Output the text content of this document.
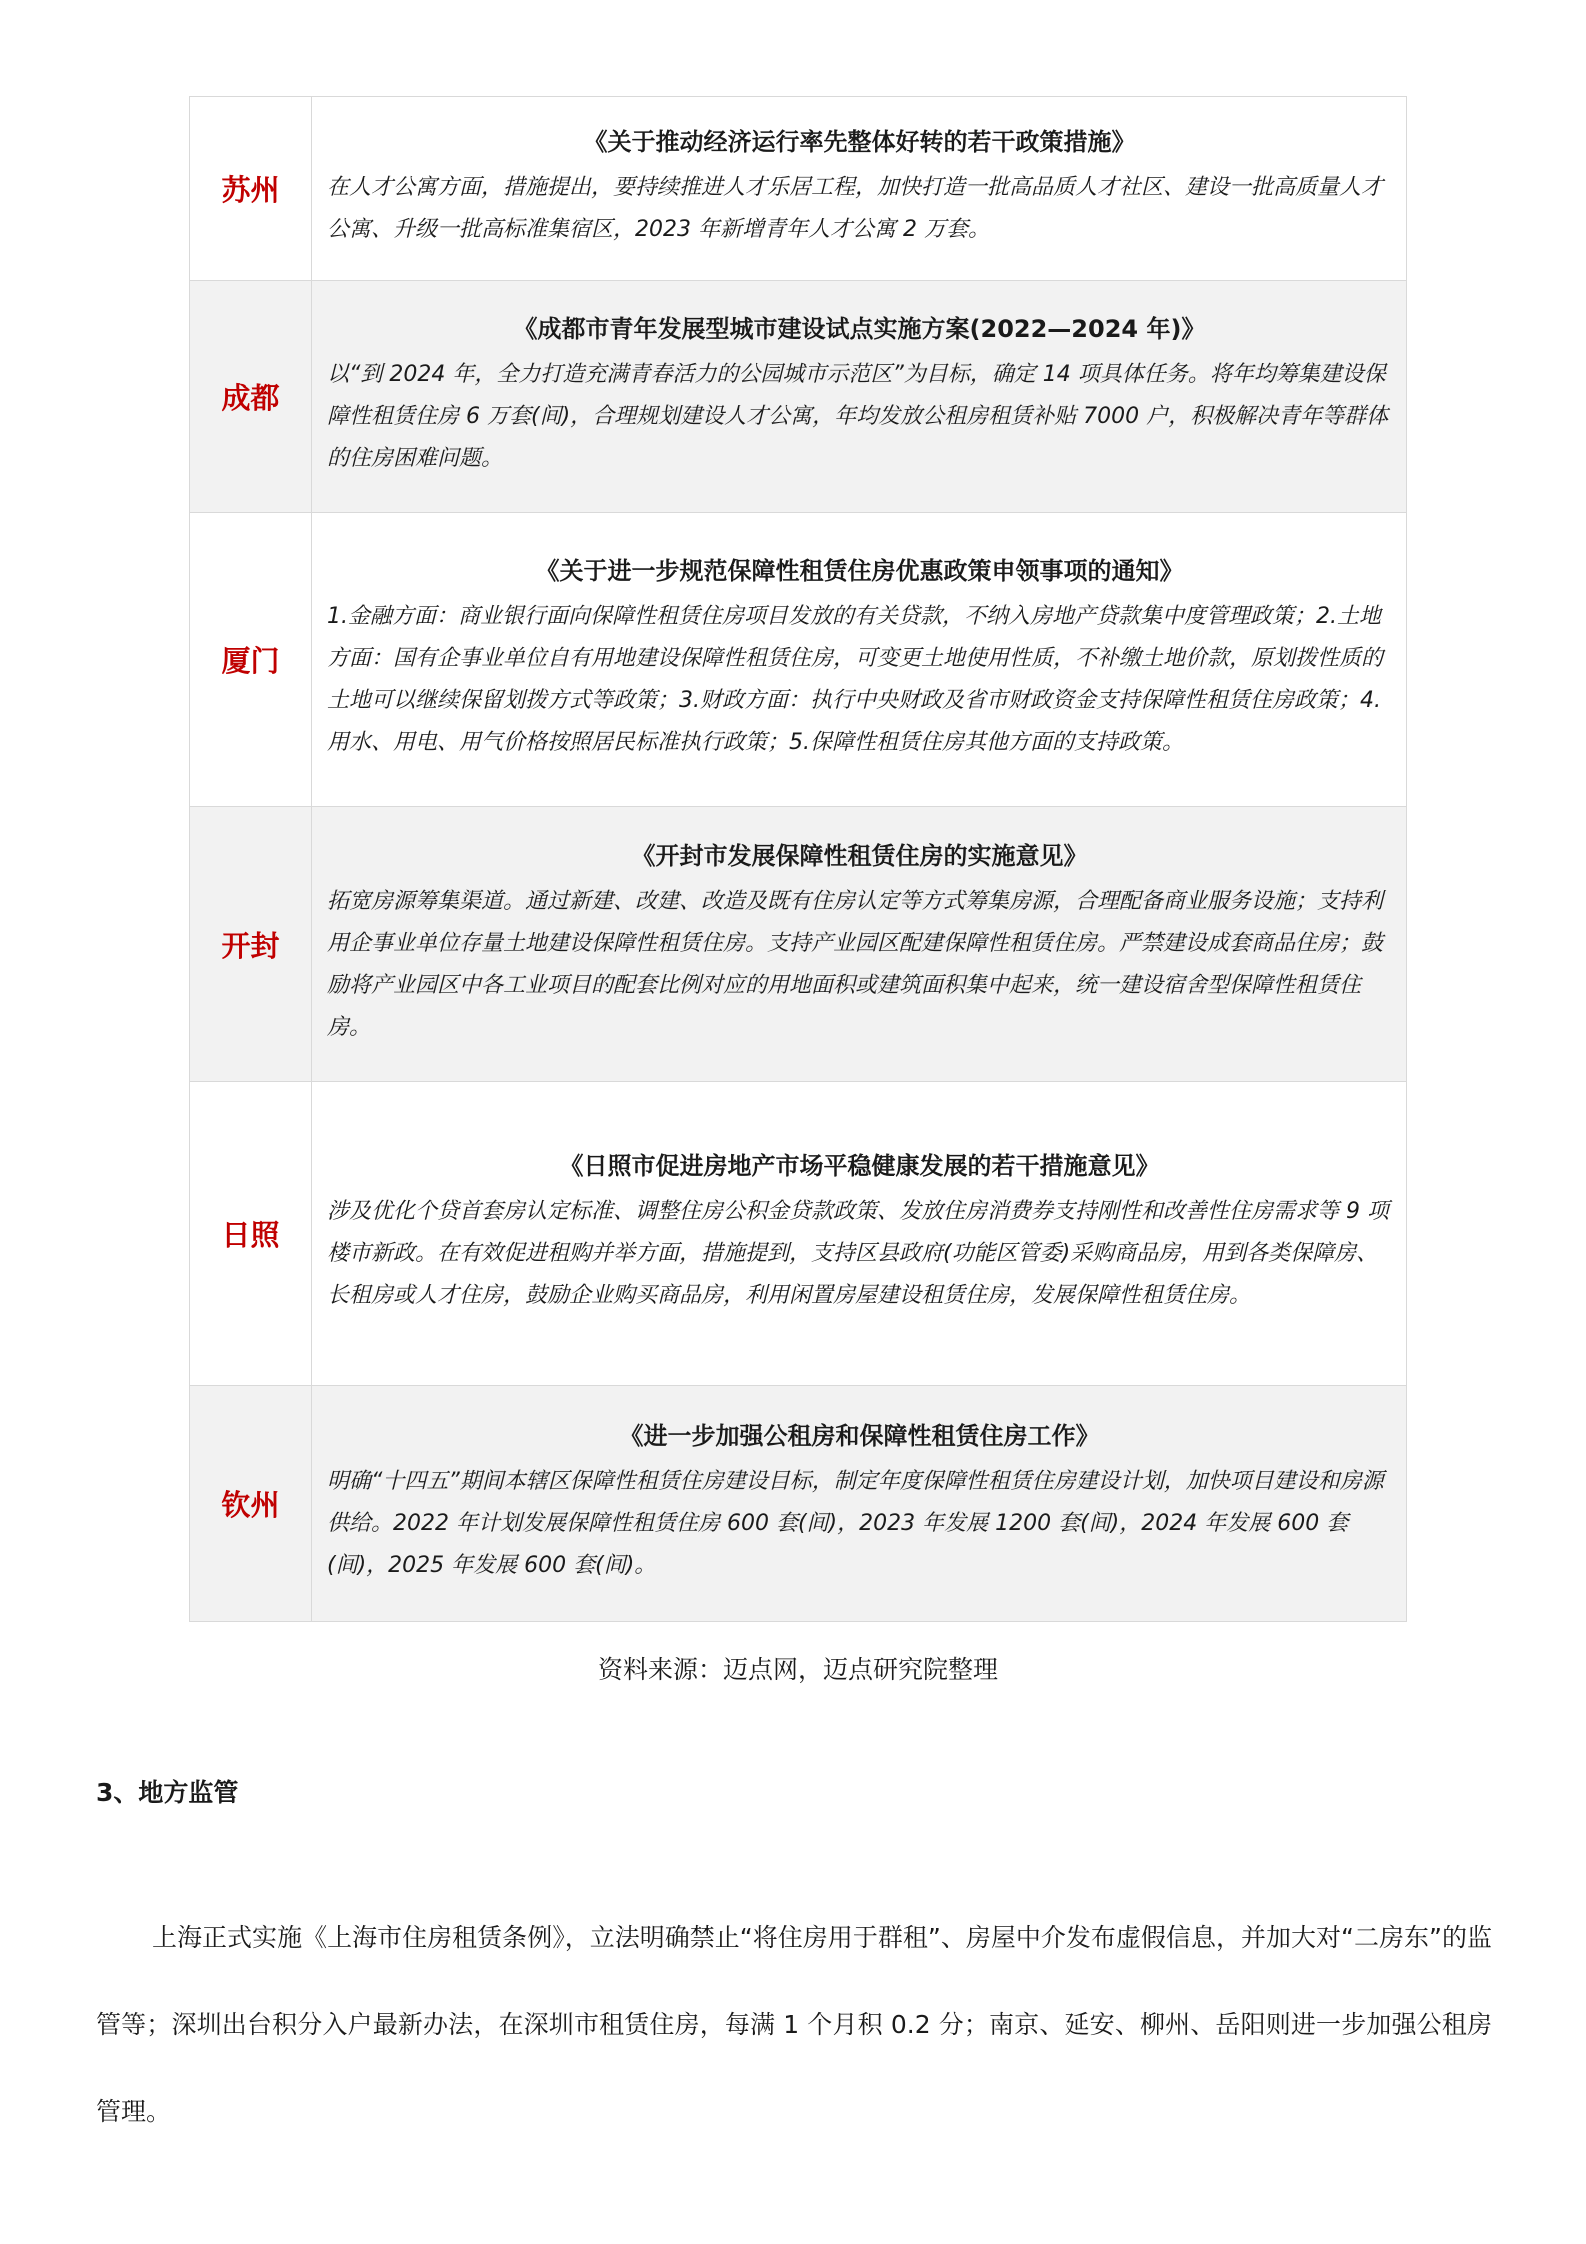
苏州	《关于推动经济运行率先整体好转的若干政策措施》
在人才公寓方面，措施提出，要持续推进人才乐居工程，加快打造一批高品质人才社区、建设一批高质量人才公寓、升级一批高标准集宿区，2023 年新增青年人才公寓 2 万套。

成都	《成都市青年发展型城市建设试点实施方案(2022—2024 年)》
以“到 2024 年，全力打造充满青春活力的公园城市示范区”为目标，确定 14 项具体任务。将年均筹集建设保障性租赁住房 6 万套(间)，合理规划建设人才公寓，年均发放公租房租赁补贴 7000 户，积极解决青年等群体的住房困难问题。

厦门	《关于进一步规范保障性租赁住房优惠政策申领事项的通知》
1.金融方面：商业银行面向保障性租赁住房项目发放的有关贷款，不纳入房地产贷款集中度管理政策；2.土地方面：国有企事业单位自有用地建设保障性租赁住房，可变更土地使用性质，不补缴土地价款，原划拨性质的土地可以继续保留划拨方式等政策；3.财政方面：执行中央财政及省市财政资金支持保障性租赁住房政策；4.用水、用电、用气价格按照居民标准执行政策；5.保障性租赁住房其他方面的支持政策。

开封	《开封市发展保障性租赁住房的实施意见》
拓宽房源筹集渠道。通过新建、改建、改造及既有住房认定等方式筹集房源，合理配备商业服务设施；支持利用企事业单位存量土地建设保障性租赁住房。支持产业园区配建保障性租赁住房。严禁建设成套商品住房；鼓励将产业园区中各工业项目的配套比例对应的用地面积或建筑面积集中起来，统一建设宿舍型保障性租赁住房。

日照	《日照市促进房地产市场平稳健康发展的若干措施意见》
涉及优化个贷首套房认定标准、调整住房公积金贷款政策、发放住房消费券支持刚性和改善性住房需求等 9 项楼市新政。在有效促进租购并举方面，措施提到，支持区县政府(功能区管委)采购商品房，用到各类保障房、长租房或人才住房，鼓励企业购买商品房，利用闲置房屋建设租赁住房，发展保障性租赁住房。

钦州	《进一步加强公租房和保障性租赁住房工作》
明确“十四五”期间本辖区保障性租赁住房建设目标，制定年度保障性租赁住房建设计划，加快项目建设和房源供给。2022 年计划发展保障性租赁住房 600 套(间)，2023 年发展 1200 套(间)，2024 年发展 600 套(间)，2025 年发展 600 套(间)。
资料来源：迈点网，迈点研究院整理
3、地方监管
上海正式实施《上海市住房租赁条例》，立法明确禁止“将住房用于群租”、房屋中介发布虚假信息，并加大对“二房东”的监管等；深圳出台积分入户最新办法，在深圳市租赁住房，每满 1 个月积 0.2 分；南京、延安、柳州、岳阳则进一步加强公租房管理。
